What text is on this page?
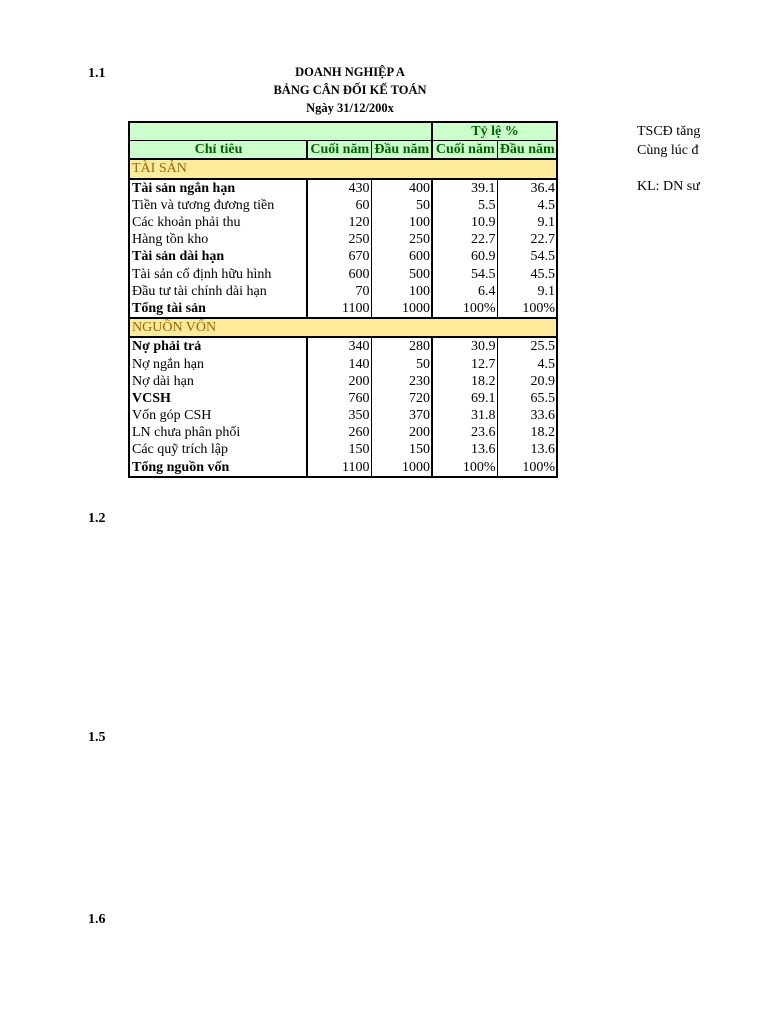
1.1
1.2
1.5
1.6
DOANH NGHIỆP A
BẢNG CÂN ĐỐI KẾ TOÁN
Ngày 31/12/200x
			Tỷ lệ %	
Chỉ tiêu	Cuối năm	Đầu năm	Cuối năm	Đầu năm
TÀI SẢN				
Tài sản ngắn hạn	430	400	39.1	36.4
Tiền và tương đương tiền	60	50	5.5	4.5
Các khoản phải thu	120	100	10.9	9.1
Hàng tồn kho	250	250	22.7	22.7
Tài sản dài hạn	670	600	60.9	54.5
Tài sản cố định hữu hình	600	500	54.5	45.5
Đầu tư tài chính dài hạn	70	100	6.4	9.1
Tổng tài sản	1100	1000	100%	100%
NGUỒN VỐN				
Nợ phải trả	340	280	30.9	25.5
Nợ ngắn hạn	140	50	12.7	4.5
Nợ dài hạn	200	230	18.2	20.9
VCSH	760	720	69.1	65.5
Vốn góp CSH	350	370	31.8	33.6
LN chưa phân phối	260	200	23.6	18.2
Các quỹ trích lập	150	150	13.6	13.6
Tổng nguồn vốn	1100	1000	100%	100%
TSCĐ tăng
Cùng lúc đ
KL: DN sư
